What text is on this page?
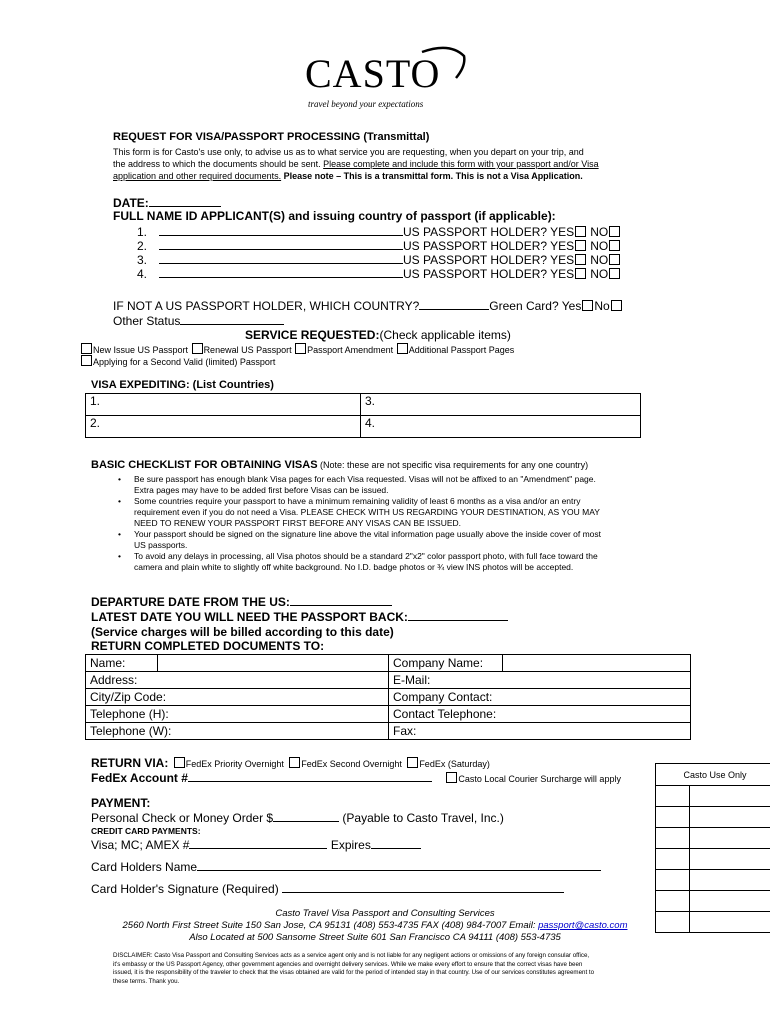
CASTO
travel beyond your expectations
REQUEST FOR VISA/PASSPORT PROCESSING (Transmittal)
This form is for Casto's use only, to advise us as to what service you are requesting, when you depart on your trip, and
the address to which the documents should be sent. Please complete and include this form with your passport and/or Visa
application and other required documents. Please note – This is a transmittal form. This is not a Visa Application.
DATE:
FULL NAME ID APPLICANT(S) and issuing country of passport (if applicable):
1.	US PASSPORT HOLDER? YES NO
2.	US PASSPORT HOLDER? YES NO
3.	US PASSPORT HOLDER? YES NO
4.	US PASSPORT HOLDER? YES NO
IF NOT A US PASSPORT HOLDER, WHICH COUNTRY?	Green Card? Yes No
Other Status
SERVICE REQUESTED:(Check applicable items)
New Issue US Passport Renewal US Passport Passport Amendment Additional Passport Pages
Applying for a Second Valid (limited) Passport
VISA EXPEDITING: (List Countries)
1.	3.
2.	4.
BASIC CHECKLIST FOR OBTAINING VISAS (Note: these are not specific visa requirements for any one country)
• Be sure passport has enough blank Visa pages for each Visa requested. Visas will not be affixed to an "Amendment" page.
Extra pages may have to be added first before Visas can be issued.
• Some countries require your passport to have a minimum remaining validity of least 6 months as a visa and/or an entry
requirement even if you do not need a Visa. PLEASE CHECK WITH US REGARDING YOUR DESTINATION, AS YOU MAY
NEED TO RENEW YOUR PASSPORT FIRST BEFORE ANY VISAS CAN BE ISSUED.
• Your passport should be signed on the signature line above the vital information page usually above the inside cover of most
US passports.
• To avoid any delays in processing, all Visa photos should be a standard 2"x2" color passport photo, with full face toward the
camera and plain white to slightly off white background. No I.D. badge photos or ¾ view INS photos will be accepted.
DEPARTURE DATE FROM THE US:
LATEST DATE YOU WILL NEED THE PASSPORT BACK:
(Service charges will be billed according to this date)
RETURN COMPLETED DOCUMENTS TO:
Name:		Company Name:	
Address:		E-Mail:	
City/Zip Code:		Company Contact:	
Telephone (H):		Contact Telephone:	
Telephone (W):		Fax:	
RETURN VIA: FedEx Priority Overnight FedEx Second Overnight FedEx (Saturday)
FedEx Account #	Casto Local Courier Surcharge will apply	Casto Use Only	

PAYMENT:
Personal Check or Money Order $	(Payable to Casto Travel, Inc.)
CREDIT CARD PAYMENTS:
Visa; MC; AMEX #	Expires
Card Holders Name
Card Holder's Signature (Required)
Casto Travel Visa Passport and Consulting Services
2560 North First Street Suite 150 San Jose, CA 95131 (408) 553-4735 FAX (408) 984-7007 Email: passport@casto.com
Also Located at 500 Sansome Street Suite 601 San Francisco CA 94111 (408) 553-4735
DISCLAIMER: Casto Visa Passport and Consulting Services acts as a service agent only and is not liable for any negligent actions or omissions of any foreign consular office,
it's embassy or the US Passport Agency, other government agencies and overnight delivery services. While we make every effort to ensure that the correct visas have been
issued, it is the responsibility of the traveler to check that the visas obtained are valid for the period of intended stay in that country. Use of our services constitutes agreement to
these terms. Thank you.
